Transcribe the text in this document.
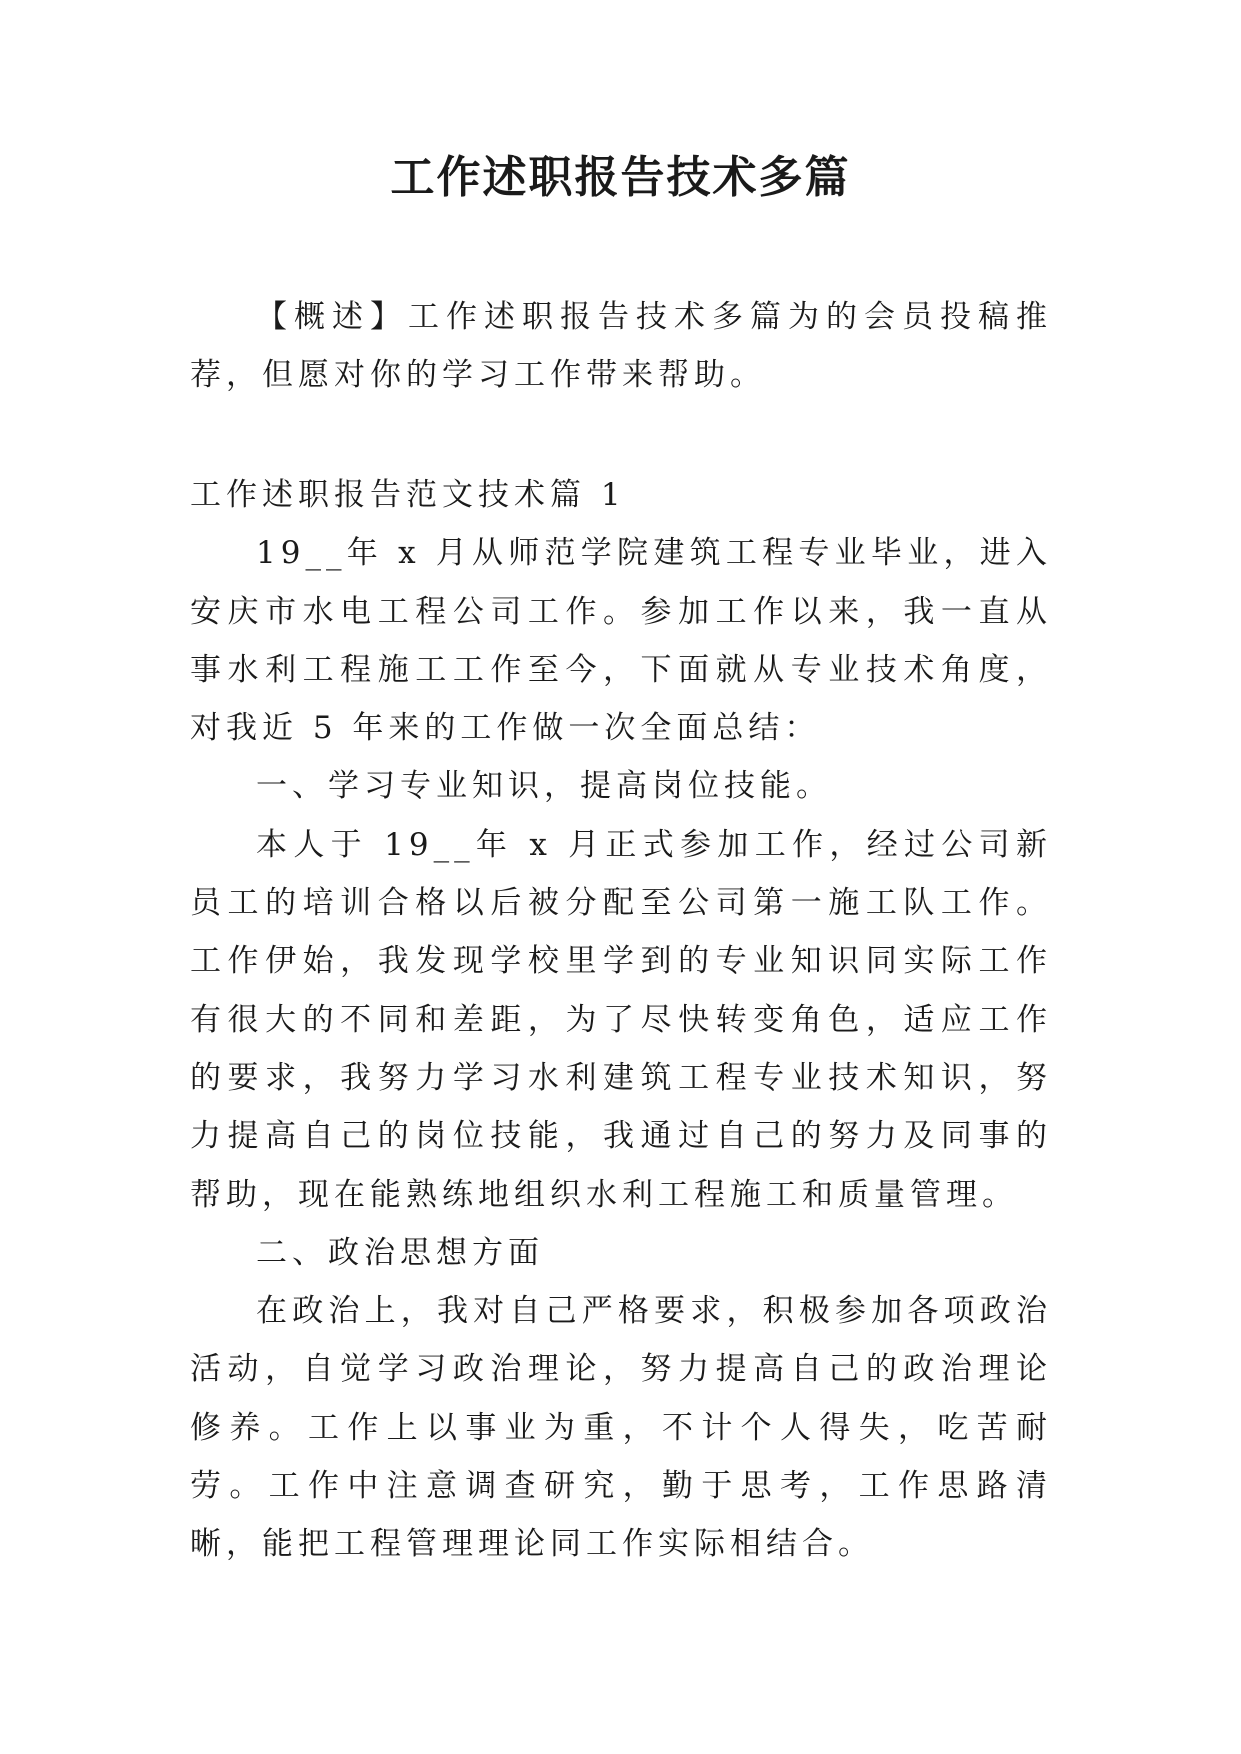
工作述职报告技术多篇

【概述】工作述职报告技术多篇为的会员投稿推荐，但愿对你的学习工作带来帮助。

工作述职报告范文技术篇 1

19__年 x 月从师范学院建筑工程专业毕业，进入安庆市水电工程公司工作。参加工作以来，我一直从事水利工程施工工作至今，下面就从专业技术角度，对我近 5 年来的工作做一次全面总结：

一、学习专业知识，提高岗位技能。

本人于 19__年 x 月正式参加工作，经过公司新员工的培训合格以后被分配至公司第一施工队工作。工作伊始，我发现学校里学到的专业知识同实际工作有很大的不同和差距，为了尽快转变角色，适应工作的要求，我努力学习水利建筑工程专业技术知识，努力提高自己的岗位技能，我通过自己的努力及同事的帮助，现在能熟练地组织水利工程施工和质量管理。

二、政治思想方面

在政治上，我对自己严格要求，积极参加各项政治活动，自觉学习政治理论，努力提高自己的政治理论修养。工作上以事业为重，不计个人得失，吃苦耐劳。工作中注意调查研究，勤于思考，工作思路清晰，能把工程管理理论同工作实际相结合。
